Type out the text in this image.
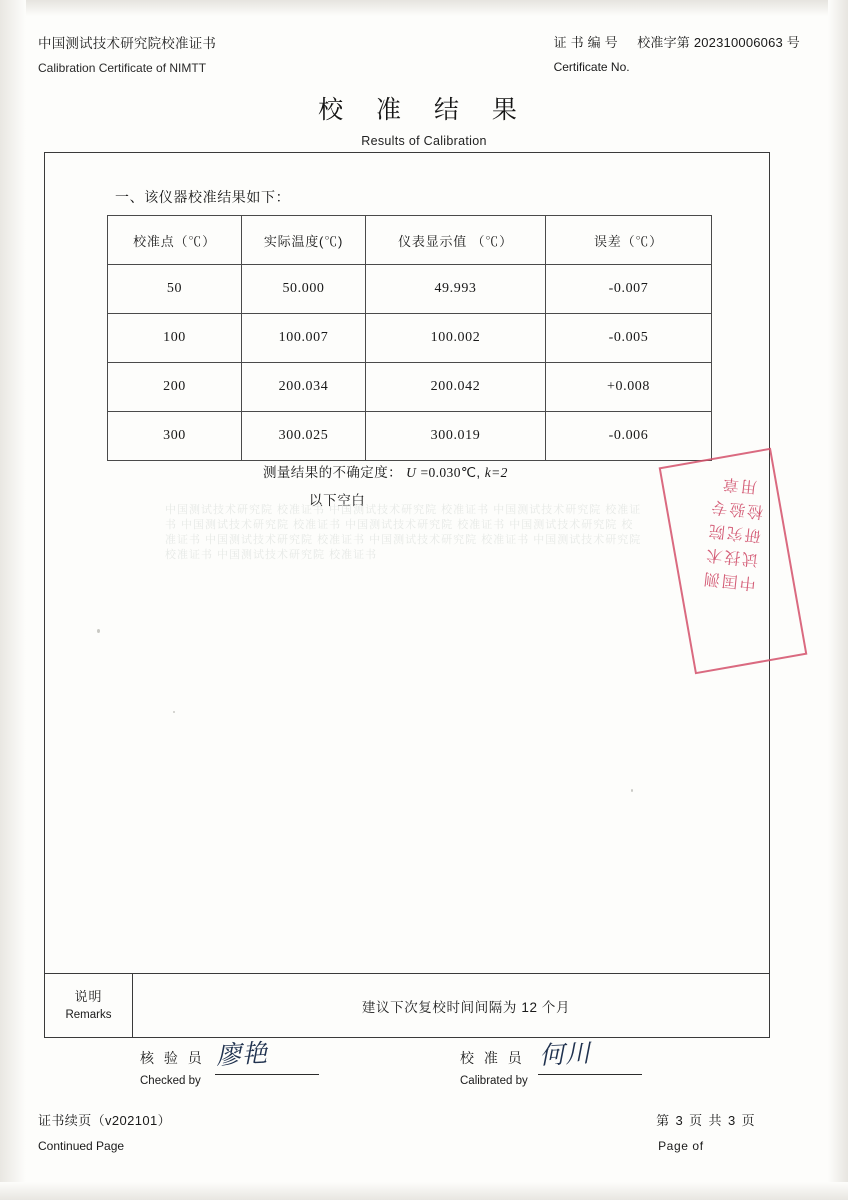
中国测试技术研究院校准证书
Calibration Certificate of NIMTT
证书编号 校准字第 202310006063 号
Certificate No.
校 准 结 果
Results of Calibration
一、该仪器校准结果如下：
校准点（℃）	实际温度(℃)	仪表显示值 （℃）	误差（℃）
50	50.000	49.993	-0.007
100	100.007	100.002	-0.005
200	200.034	200.042	+0.008
300	300.025	300.019	-0.006
测量结果的不确定度： U =0.030℃, k=2
以下空白
中国测试技术研究院 校准证书 中国测试技术研究院 校准证书 中国测试技术研究院 校准证书 中国测试技术研究院 校准证书 中国测试技术研究院 校准证书 中国测试技术研究院 校准证书 中国测试技术研究院 校准证书 中国测试技术研究院 校准证书 中国测试技术研究院 校准证书 中国测试技术研究院 校准证书
说明
Remarks
建议下次复校时间间隔为 12 个月
中国测试技术研究院 检验专用章
核 验 员
Checked by
廖艳	校 准 员
Calibrated by
何川
证书续页（v202101）
Continued Page
第 3 页 共 3 页
Page of
